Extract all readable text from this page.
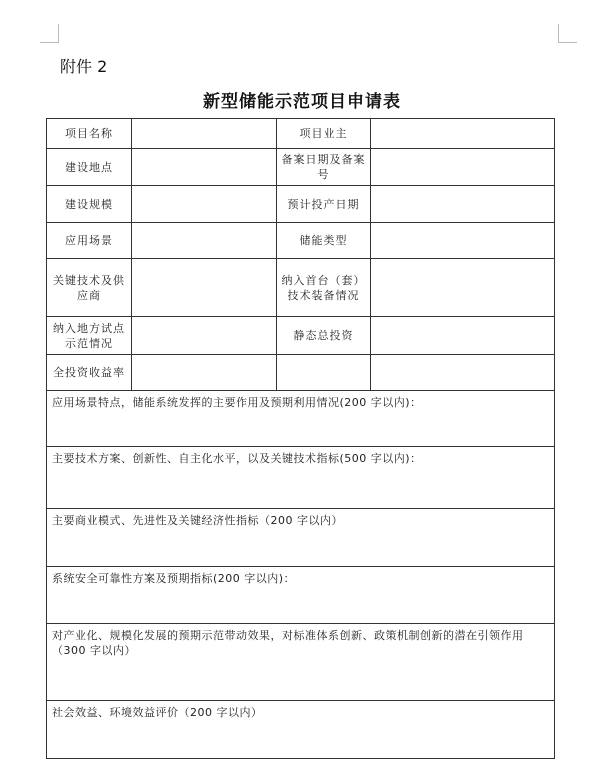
附件 2
新型储能示范项目申请表
项目名称		项目业主	
建设地点		备案日期及备案号	
建设规模		预计投产日期	
应用场景		储能类型	
关键技术及供应商		纳入首台（套）技术装备情况	
纳入地方试点示范情况		静态总投资	
全投资收益率			
应用场景特点，储能系统发挥的主要作用及预期利用情况(200 字以内)：			
主要技术方案、创新性、自主化水平，以及关键技术指标(500 字以内)：			
主要商业模式、先进性及关键经济性指标（200 字以内）			
系统安全可靠性方案及预期指标(200 字以内)：			
对产业化、规模化发展的预期示范带动效果，对标准体系创新、政策机制创新的潜在引领作用（300 字以内）			
社会效益、环境效益评价（200 字以内）			
